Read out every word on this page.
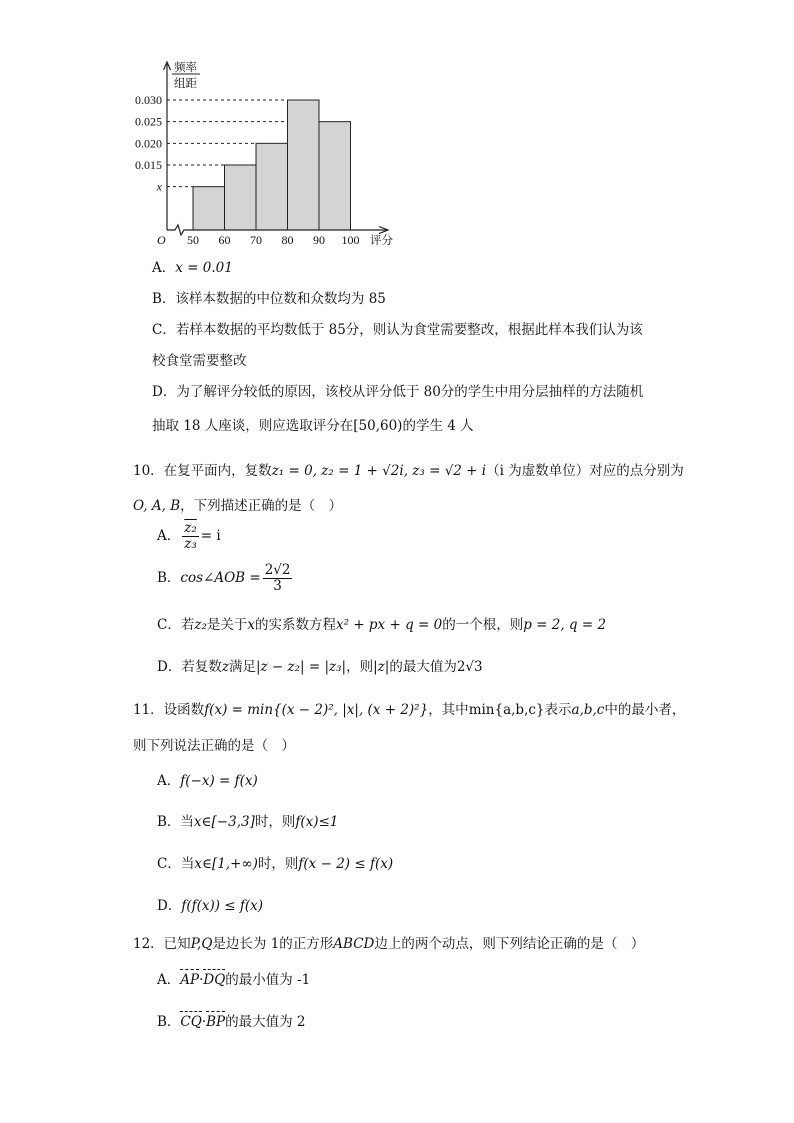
频率
组距
评分
O
0.030
0.025
0.020
0.015
x
50 60 70 80 90 100
A．x = 0.01
B．该样本数据的中位数和众数均为 85
C．若样本数据的平均数低于 85分，则认为食堂需要整改，根据此样本我们认为该
校食堂需要整改
D．为了解评分较低的原因，该校从评分低于 80分的学生中用分层抽样的方法随机
抽取 18 人座谈，则应选取评分在[50,60)的学生 4 人
10．在复平面内，复数z₁ = 0, z₂ = 1 + √2i, z₃ = √2 + i（i 为虚数单位）对应的点分别为
O, A, B，下列描述正确的是（　）
A． $\frac{\text{z₂}}{\text{z₃}} = i$
B．cos∠AOB = $\frac{2√2}{3}$
C．若z₂是关于x的实系数方程x² + px + q = 0的一个根，则p = 2, q = 2
D．若复数z满足|z − z₂| = |z₃|，则|z|的最大值为2√3
11．设函数f(x) = min{(x − 2)², |x|, (x + 2)²}，其中min{a,b,c}表示a,b,c中的最小者，
则下列说法正确的是（　）
A．f(−x) = f(x)
B．当x∈[−3,3]时，则f(x)≤1
C．当x∈[1,+∞)时，则f(x − 2) ≤ f(x)
D．f(f(x)) ≤ f(x)
12．已知P,Q是边长为 1的正方形ABCD边上的两个动点，则下列结论正确的是（　）
A．AP·DQ的最小值为 -1
B．CQ·BP的最大值为 2
